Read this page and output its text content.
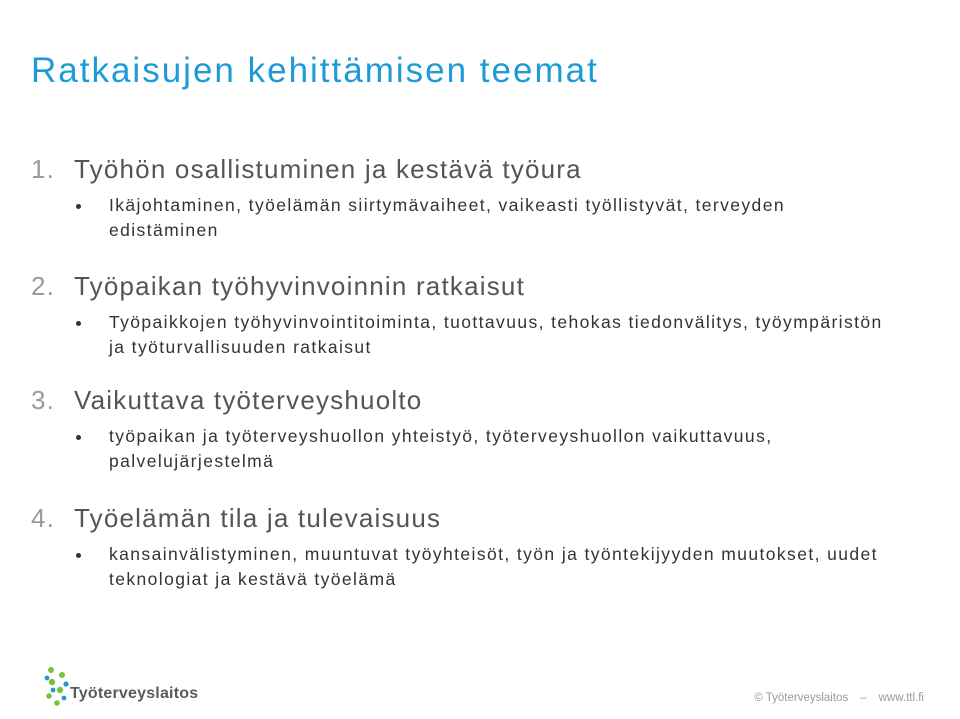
Ratkaisujen kehittämisen teemat
1. Työhön osallistuminen ja kestävä työura
Ikäjohtaminen, työelämän siirtymävaiheet, vaikeasti työllistyvät, terveyden edistäminen
2. Työpaikan työhyvinvoinnin ratkaisut
Työpaikkojen työhyvinvointitoiminta, tuottavuus, tehokas tiedonvälitys, työympäristön ja työturvallisuuden ratkaisut
3. Vaikuttava työterveyshuolto
työpaikan ja työterveyshuollon yhteistyö, työterveyshuollon vaikuttavuus, palvelujärjestelmä
4. Työelämän tila ja tulevaisuus
kansainvälistyminen, muuntuvat työyhteisöt, työn ja työntekijyyden muutokset, uudet teknologiat ja kestävä työelämä
Työterveyslaitos	© Työterveyslaitos – www.ttl.fi
